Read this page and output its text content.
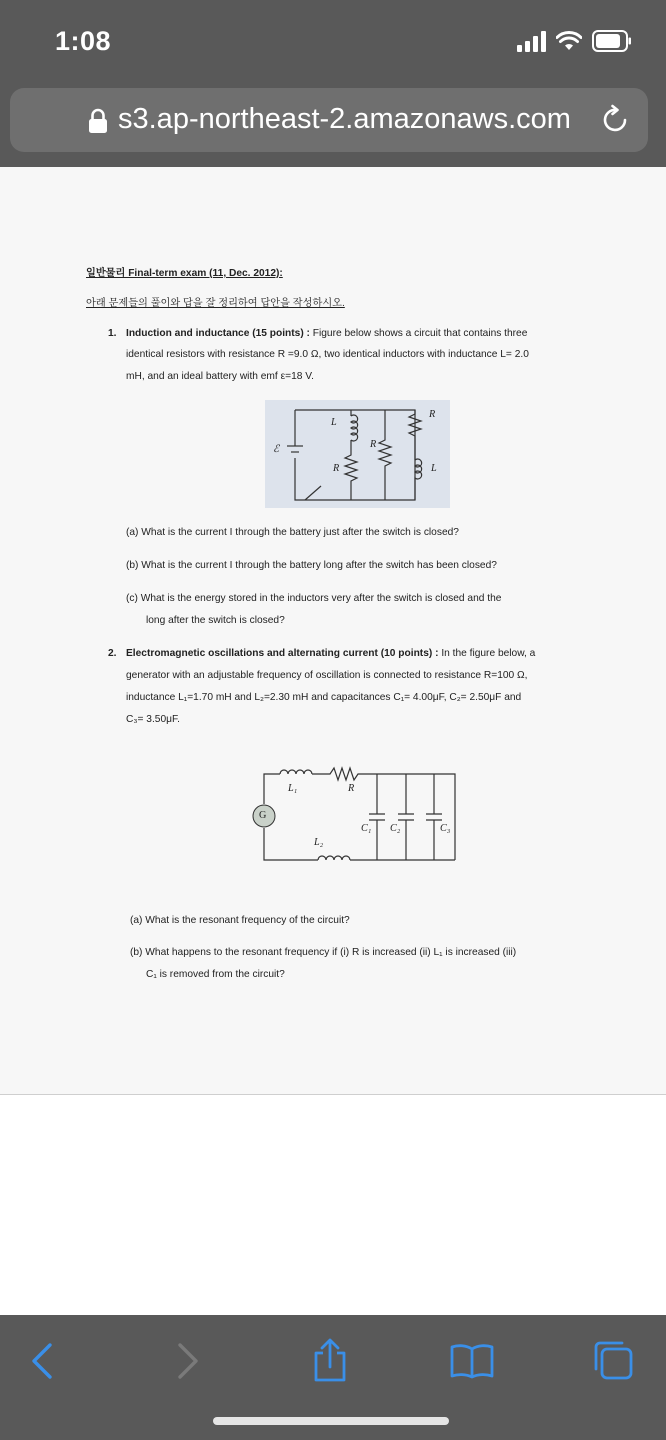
1:08
s3.ap-northeast-2.amazonaws.com
일반물리 Final-term exam (11, Dec. 2012):
아래 문제들의 풀이와 답을 잘 정리하여 답안을 작성하시오.
1. Induction and inductance (15 points) : Figure below shows a circuit that contains three
identical resistors with resistance R =9.0 Ω, two identical inductors with inductance L= 2.0
mH, and an ideal battery with emf ε=18 V.
L
R
R
R	L
ℰ
(a) What is the current I through the battery just after the switch is closed?
(b) What is the current I through the battery long after the switch has been closed?
(c) What is the energy stored in the inductors very after the switch is closed and the
long after the switch is closed?
2. Electromagnetic oscillations and alternating current (10 points) : In the figure below, a
generator with an adjustable frequency of oscillation is connected to resistance R=100 Ω,
inductance L₁=1.70 mH and L₂=2.30 mH and capacitances C₁= 4.00μF, C₂= 2.50μF and
C₃= 3.50μF.
L₁	R
G
C₁ C₂	C₃
L₂
(a) What is the resonant frequency of the circuit?
(b) What happens to the resonant frequency if (i) R is increased (ii) L₁ is increased (iii)
C₁ is removed from the circuit?
